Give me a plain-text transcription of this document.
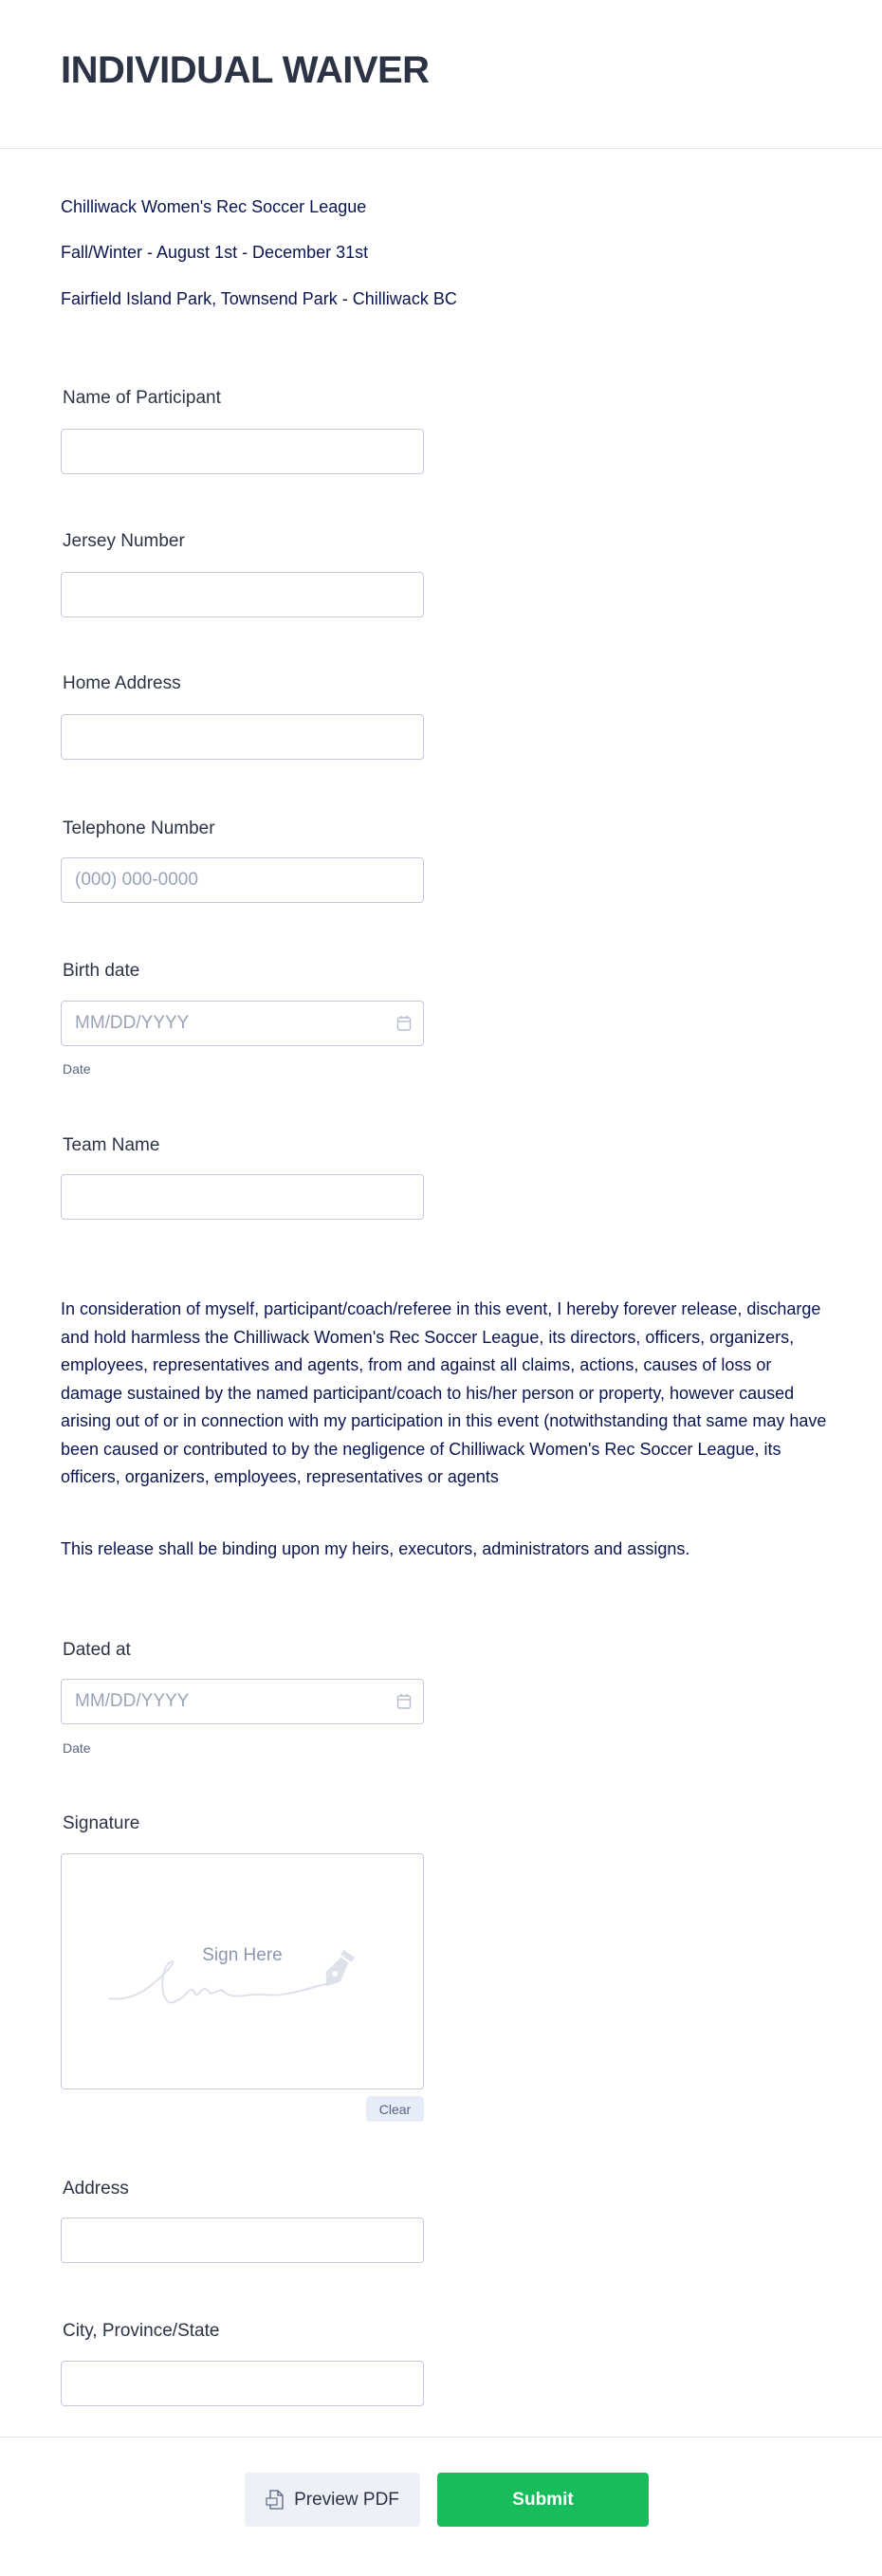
INDIVIDUAL WAIVER
Chilliwack Women's Rec Soccer League
Fall/Winter - August 1st - December 31st
Fairfield Island Park, Townsend Park - Chilliwack BC
Name of Participant
Jersey Number
Home Address
Telephone Number
(000) 000-0000
Birth date
MM/DD/YYYY
Date
Team Name

In consideration of myself, participant/coach/referee in this event, I hereby forever release, discharge and hold harmless the Chilliwack Women's Rec Soccer League, its directors, officers, organizers, employees, representatives and agents, from and against all claims, actions, causes of loss or damage sustained by the named participant/coach to his/her person or property, however caused arising out of or in connection with my participation in this event (notwithstanding that same may have been caused or contributed to by the negligence of Chilliwack Women's Rec Soccer League, its officers, organizers, employees, representatives or agents

This release shall be binding upon my heirs, executors, administrators and assigns.

Dated at
MM/DD/YYYY
Date
Signature
Sign Here
Clear
Address
City, Province/State
Preview PDF	Submit
